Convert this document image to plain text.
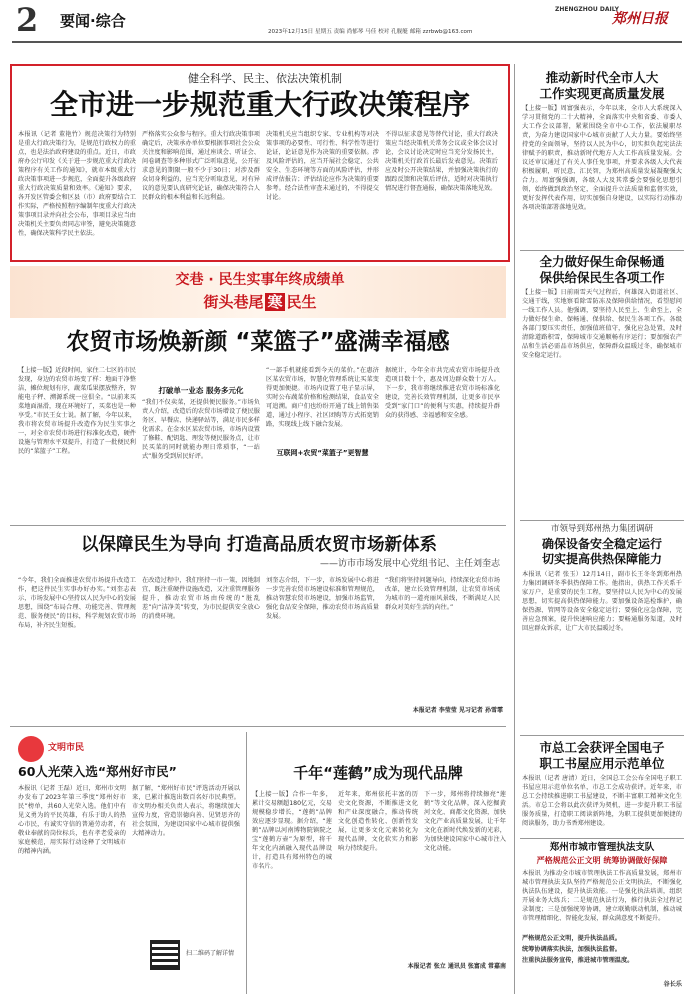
2	要闻·综合
2023年12月15日 星期五 责编 尚郁琴 马佳 校对 孔舰艇 邮箱 zzrbwb@163.com
ZHENGZHOU DAILY
郑州日报
健全科学、民主、依法决策机制
全市进一步规范重大行政决策程序
本报讯（记者 董艳竹）规范决策行为特别是重大行政决策行为，是规范行政权力的重点，也是法治政府建设的重点。近日，市政府办公厅印发《关于进一步规范重大行政决策程序有关工作的通知》，就市本级重大行政决策事项进一步规范，全面提升各级政府重大行政决策质量和效率。《通知》要求，各开发区管委会和区县（市）政府要结合工作实际，严格按照程序编制年度重大行政决策事项目录并向社会公布，事项目录应当由决策机关主要负责同志审签，避免决策随意性，确保决策科学民主依法。
严格落实公众参与程序。重大行政决策事项确定后，决策承办单位要根据事项社会公众关注度和影响范围，通过座谈会、听证会、问卷调查等多种形式广泛听取意见，公开征求意见的期限一般不少于30日；对涉及群众切身利益的，应当充分听取意见，对有异议的意见要认真研究论证，确保决策符合人民群众的根本利益和长远利益。
决策机关应当组织专家、专业机构等对决策事项的必要性、可行性、科学性等进行论证，论证意见作为决策的重要依据。涉及风险评估的，应当开展社会稳定、公共安全、生态环境等方面的风险评估，并形成评估报告；评估结论应作为决策的重要参考。经合法性审查未通过的，不得提交讨论。
不得以征求意见等替代讨论，重大行政决策应当经决策机关常务会议或全体会议讨论，会议讨论决定时应当充分发扬民主，决策机关行政首长最后发表意见。决策后应及时公开决策结果，并加强决策执行的跟踪反馈和决策后评估，适时对决策执行情况进行督查通报，确保决策落地见效。
推动新时代全市人大
工作实现更高质量发展
【上接一版】周富强表示，今年以来，全市人大系统深入学习贯彻党的二十大精神，全面落实中央和省委、市委人大工作会议部署，紧紧围绕全市中心工作，依法履职尽责，为奋力建设国家中心城市贡献了人大力量。要始终坚持党的全面领导，坚持以人民为中心，切实担负起宪法法律赋予的职责，推动新时代地方人大工作高质量发展。会议还审议通过了有关人事任免事项，并要求各级人大代表积极履职，听民意、汇民智，为郑州高质量发展凝聚强大合力。周富强强调，各级人大及其常委会要强化思想引领，始终做到政治坚定，全面提升立法质量和监督实效，更好发挥代表作用，切实加强自身建设，以实际行动推动各项决策部署落地见效。
全力做好保生命保畅通
保供给保民生各项工作
【上接一版】日前雨雪天气过程后，何雄深入街道社区、交通干线，实地察看除雪防冻及保障供给情况，看望慰问一线工作人员。他强调，要坚持人民至上、生命至上，全力做好保生命、保畅通、保供给、保民生各项工作。各级各部门要压实责任，加强值班值守，强化应急处置，及时清除道路积雪，保障城市交通顺畅有序运行；要加强农产品和生活必需品市场供应，保障群众温暖过冬，确保城市安全稳定运行。
市领导到郑州热力集团调研
确保设备安全稳定运行
切实提高供热保障能力
本报讯（记者 张玉）12月14日，副市长王冬冬到郑州热力集团调研冬季供热保障工作。他指出，供热工作关系千家万户，是重要的民生工程，要坚持以人民为中心的发展思想，切实提高供热保障能力。要加强设备巡检维护，确保热源、管网等设备安全稳定运行；要强化应急保障，完善应急预案，提升快速响应能力；要畅通服务渠道，及时回应群众诉求，让广大市民温暖过冬。
市总工会获评全国电子
职工书屋应用示范单位
本报讯（记者 唐清）近日，全国总工会公布全国电子职工书屋应用示范单位名单，市总工会成功获评。近年来，市总工会持续推进职工书屋建设，不断丰富职工精神文化生活。市总工会将以此次获评为契机，进一步提升职工书屋服务质量，打造职工阅读新阵地，为职工提供更加便捷的阅读服务，助力书香郑州建设。
郑州市城市管理执法支队
严格规范公正文明 统筹协调做好保障
本报讯 为推动全市城市管理执法工作高质量发展，郑州市城市管理执法支队坚持严格规范公正文明执法，不断强化执法队伍建设，提升执法效能。一是强化执法培训，组织开展业务大练兵；二是规范执法行为，推行执法全过程记录制度；三是加强统筹协调，建立联勤联动机制，推动城市管理精细化、智能化发展，群众满意度不断提升。
严格规范公正文明，提升执法品质。
统筹协调落实执法，加强执法监督。
注重执法服务宣传，推进城市管理温度。
谷长乐
交巷 · 民生实事年终成绩单
街头巷尾 寒 民生
农贸市场焕新颜 “菜篮子”盛满幸福感
【上接一版】近段时间，家住二七区的市民发现，身边的农贸市场变了样：地面干净整洁，摊位规划有序，蔬菜瓜果摆放整齐，智能电子秤、溯源系统一应俱全。“以前来买菜地面湿滑，现在环境好了，买菜也是一种享受。”市民王女士说。据了解，今年以来，我市将农贸市场提升改造作为民生实事之一，对全市农贸市场进行标准化改造，硬件设施与管理水平双提升，打造了一批便民利民的“菜篮子”工程。
打破单一业态 服务多元化
“我们不仅卖菜，还提供便民服务。”市场负责人介绍，改造后的农贸市场增设了便民服务区、早餐店、快递驿站等，满足市民多样化需求。在金水区某农贸市场，市场内设置了修鞋、配钥匙、理发等便民服务点，让市民买菜的同时就能办理日常琐事，“一站式”服务受到居民好评。	互联网+农贸“菜篮子”更智慧
“一部手机就能看到今天的菜价。”在惠济区某农贸市场，智慧化管理系统让买菜变得更加便捷。市场内设置了电子显示屏，实时公布蔬菜价格和检测结果，食品安全可追溯。商户们也纷纷开通了线上销售渠道，通过小程序、社区团购等方式拓宽销路，实现线上线下融合发展。
据统计，今年全市共完成农贸市场提升改造项目数十个，惠及周边群众数十万人。下一步，我市将继续推进农贸市场标准化建设，完善长效管理机制，让更多市民享受到“家门口”的便利与实惠，持续提升群众的获得感、幸福感和安全感。
以保障民生为导向 打造高品质农贸市场新体系
——访市市场发展中心党组书记、主任刘奎志
“今年，我们全面推进农贸市场提升改造工作，把这件民生实事办好办实。”刘奎志表示，市场发展中心坚持以人民为中心的发展思想，围绕“布局合理、功能完善、管理规范、服务便民”的目标，科学规划农贸市场布局，补齐民生短板。
在改造过程中，我们坚持一市一策，因地制宜，既注重硬件设施改造，又注重管理服务提升，推动农贸市场由传统的“脏乱差”向“洁净美”转变，为市民提供安全放心的消费环境。
刘奎志介绍，下一步，市场发展中心将进一步完善农贸市场建设标准和管理规范，推动智慧农贸市场建设，加强市场监管，强化食品安全保障，推动农贸市场高质量发展。
“我们将坚持问题导向，持续深化农贸市场改革，建立长效管理机制，让农贸市场成为城市的一道亮丽风景线，不断满足人民群众对美好生活的向往。”
本报记者 李莹莹 见习记者 孙雪霏
文明市民
60人光荣入选“郑州好市民”
本报讯（记者 王磊）近日，郑州市文明办发布了2023年第三季度“郑州好市民”榜单，共60人光荣入选。他们中有见义勇为的平民英雄，有乐于助人的热心市民，有诚实守信的普通劳动者，有敬业奉献的岗位标兵，也有孝老爱亲的家庭模范，用实际行动诠释了文明城市的精神内涵。
据了解，“郑州好市民”评选活动开展以来，已累计推选出数百名好市民典型。市文明办相关负责人表示，将继续加大宣传力度，营造崇德向善、见贤思齐的社会氛围，为建设国家中心城市提供强大精神动力。
扫二维码了解详情
千年“莲鹤”成为现代品牌
【上接一版】合作一年多，累计交易额超180亿元，交易规模稳步增长，“莲鹤”品牌效应逐步显现。据介绍，“莲鹤”品牌以河南博物院镇院之宝“莲鹤方壶”为原型，将千年文化内涵融入现代品牌设计，打造具有郑州特色的城市名片。
近年来，郑州依托丰富的历史文化资源，不断推进文化和产业深度融合，推动传统文化创造性转化、创新性发展，让更多文化元素转化为现代品牌，文化软实力和影响力持续提升。
下一步，郑州将持续擦亮“莲鹤”等文化品牌，深入挖掘黄河文化、商都文化资源，加快文化产业高质量发展，让千年文化在新时代焕发新的光彩，为加快建设国家中心城市注入文化动能。
本报记者 张立 通讯员 张富成 常嘉南
